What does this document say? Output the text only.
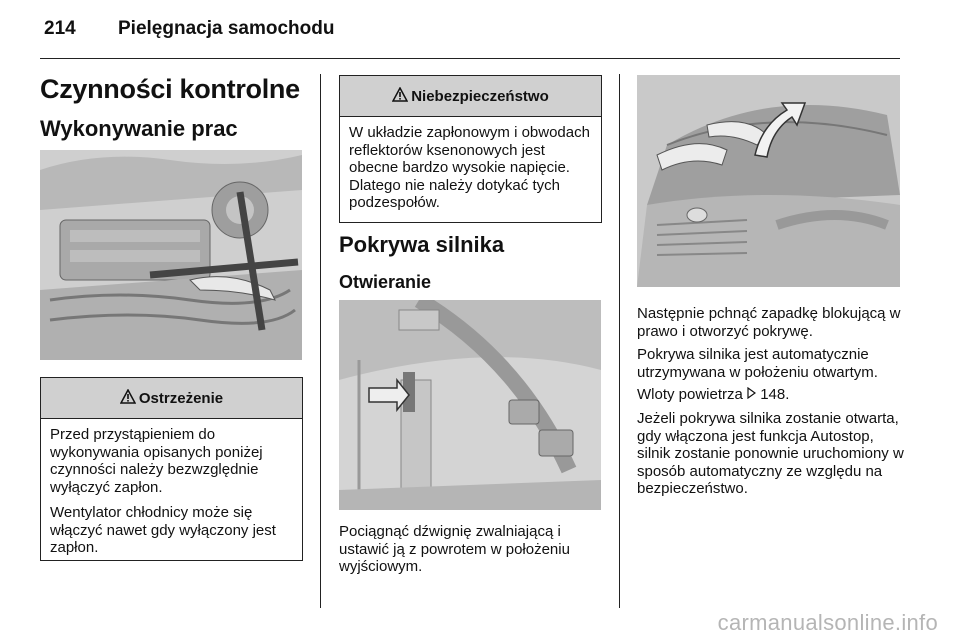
214 Pielęgnacja samochodu
Czynności kontrolne
Wykonywanie prac
Ostrzeżenie

Przed przystąpieniem do wykonywania opisanych poniżej czynności należy bezwzględnie wyłączyć zapłon.

Wentylator chłodnicy może się włączyć nawet gdy wyłączony jest zapłon.

Niebezpieczeństwo

W układzie zapłonowym i obwodach reflektorów ksenonowych jest obecne bardzo wysokie napięcie. Dlatego nie należy dotykać tych podzespołów.

Pokrywa silnika
Otwieranie

Pociągnąć dźwignię zwalniającą i ustawić ją z powrotem w położeniu wyjściowym.

Następnie pchnąć zapadkę blokującą w prawo i otworzyć pokrywę.

Pokrywa silnika jest automatycznie utrzymywana w położeniu otwartym.

Wloty powietrza 148.

Jeżeli pokrywa silnika zostanie otwarta, gdy włączona jest funkcja Autostop, silnik zostanie ponownie uruchomiony w sposób automatyczny ze względu na bezpieczeństwo.

carmanualsonline.info
